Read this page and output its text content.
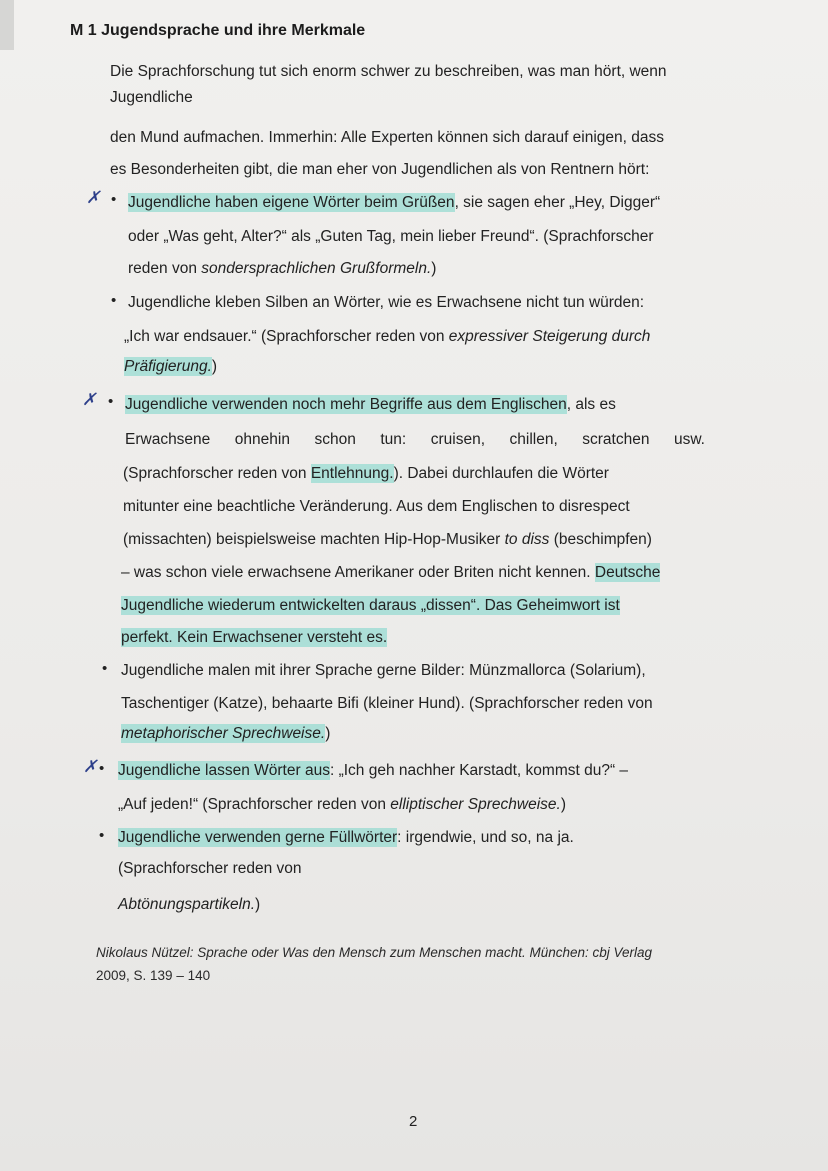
M 1 Jugendsprache und ihre Merkmale
Die Sprachforschung tut sich enorm schwer zu beschreiben, was man hört, wenn
Jugendliche
den Mund aufmachen. Immerhin: Alle Experten können sich darauf einigen, dass
es Besonderheiten gibt, die man eher von Jugendlichen als von Rentnern hört:
✗ • Jugendliche haben eigene Wörter beim Grüßen, sie sagen eher „Hey, Digger“
oder „Was geht, Alter?“ als „Guten Tag, mein lieber Freund“. (Sprachforscher
reden von sondersprachlichen Grußformeln.)
• Jugendliche kleben Silben an Wörter, wie es Erwachsene nicht tun würden:
„Ich war endsauer.“ (Sprachforscher reden von expressiver Steigerung durch
Präfigierung.)
✗ • Jugendliche verwenden noch mehr Begriffe aus dem Englischen, als es
Erwachsene ohnehin schon tun: cruisen, chillen, scratchen usw.
(Sprachforscher reden von Entlehnung.). Dabei durchlaufen die Wörter
mitunter eine beachtliche Veränderung. Aus dem Englischen to disrespect
(missachten) beispielsweise machten Hip-Hop-Musiker to diss (beschimpfen)
– was schon viele erwachsene Amerikaner oder Briten nicht kennen. Deutsche
Jugendliche wiederum entwickelten daraus „dissen“. Das Geheimwort ist
perfekt. Kein Erwachsener versteht es.
• Jugendliche malen mit ihrer Sprache gerne Bilder: Münzmallorca (Solarium),
Taschentiger (Katze), behaarte Bifi (kleiner Hund). (Sprachforscher reden von
metaphorischer Sprechweise.)
✗ • Jugendliche lassen Wörter aus: „Ich geh nachher Karstadt, kommst du?“ –
„Auf jeden!“ (Sprachforscher reden von elliptischer Sprechweise.)
• Jugendliche verwenden gerne Füllwörter: irgendwie, und so, na ja.
(Sprachforscher reden von
Abtönungspartikeln.)
Nikolaus Nützel: Sprache oder Was den Mensch zum Menschen macht. München: cbj Verlag
2009, S. 139 – 140
2
